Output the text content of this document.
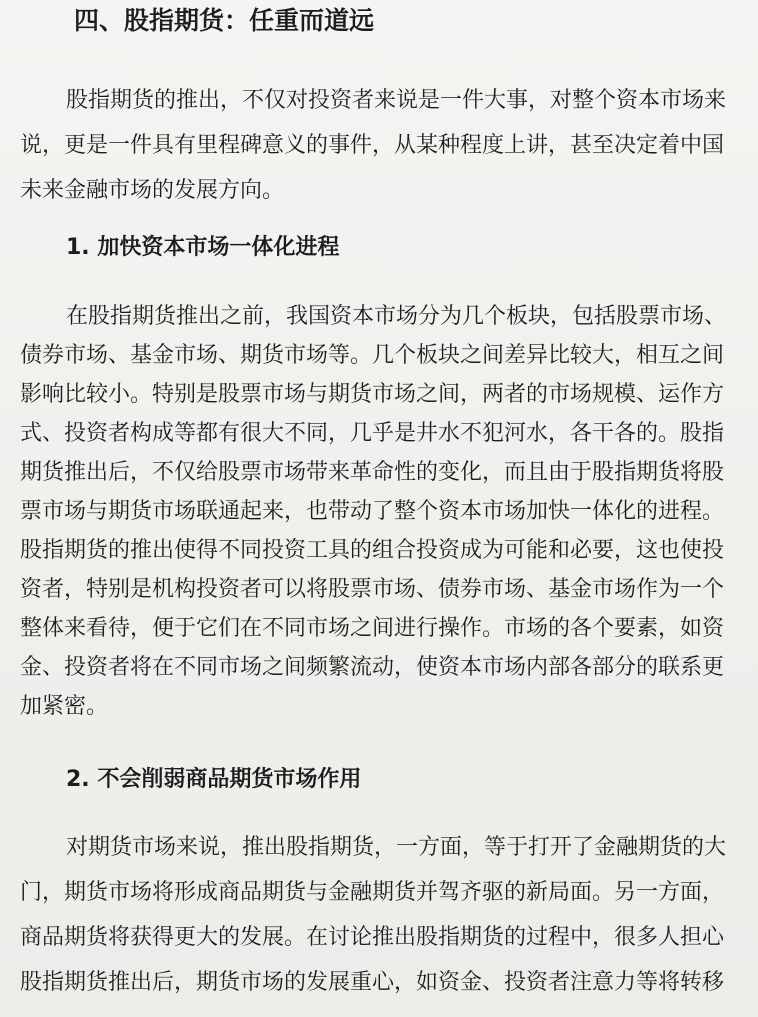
四、股指期货：任重而道远
股指期货的推出，不仅对投资者来说是一件大事，对整个资本市场来
说，更是一件具有里程碑意义的事件，从某种程度上讲，甚至决定着中国
未来金融市场的发展方向。
1. 加快资本市场一体化进程
在股指期货推出之前，我国资本市场分为几个板块，包括股票市场、
债券市场、基金市场、期货市场等。几个板块之间差异比较大，相互之间
影响比较小。特别是股票市场与期货市场之间，两者的市场规模、运作方
式、投资者构成等都有很大不同，几乎是井水不犯河水，各干各的。股指
期货推出后，不仅给股票市场带来革命性的变化，而且由于股指期货将股
票市场与期货市场联通起来，也带动了整个资本市场加快一体化的进程。
股指期货的推出使得不同投资工具的组合投资成为可能和必要，这也使投
资者，特别是机构投资者可以将股票市场、债券市场、基金市场作为一个
整体来看待，便于它们在不同市场之间进行操作。市场的各个要素，如资
金、投资者将在不同市场之间频繁流动，使资本市场内部各部分的联系更
加紧密。
2. 不会削弱商品期货市场作用
对期货市场来说，推出股指期货，一方面，等于打开了金融期货的大
门，期货市场将形成商品期货与金融期货并驾齐驱的新局面。另一方面，
商品期货将获得更大的发展。在讨论推出股指期货的过程中，很多人担心
股指期货推出后，期货市场的发展重心，如资金、投资者注意力等将转移
